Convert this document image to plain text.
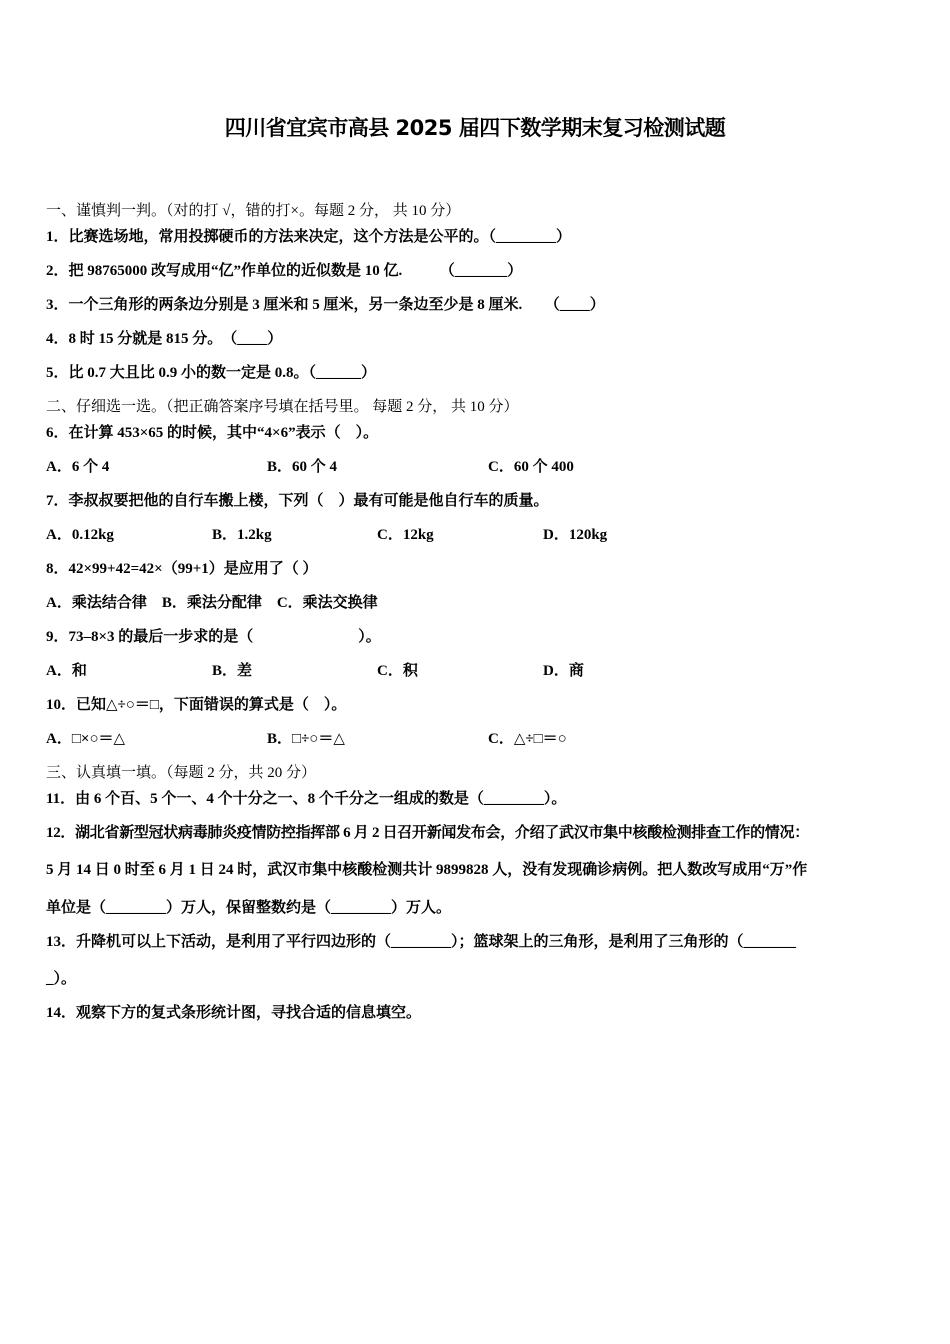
四川省宜宾市高县 2025 届四下数学期末复习检测试题
一、谨慎判一判。（对的打 √，错的打×。每题 2 分， 共 10 分）
1．比赛选场地，常用投掷硬币的方法来决定，这个方法是公平的。（________）
2．把 98765000 改写成用“亿”作单位的近似数是 10 亿.　　　（_______）
3．一个三角形的两条边分别是 3 厘米和 5 厘米，另一条边至少是 8 厘米.　　（____）
4．8 时 15 分就是 815 分。　（____）
5．比 0.7 大且比 0.9 小的数一定是 0.8。（______）
二、仔细选一选。（把正确答案序号填在括号里。 每题 2 分， 共 10 分）
6．在计算 453×65 的时候，其中“4×6”表示（　）。
A．6 个 4	B．60 个 4	C．60 个 400
7．李叔叔要把他的自行车搬上楼，下列（　）最有可能是他自行车的质量。
A．0.12kg	B．1.2kg	C．12kg	D．120kg
8．42×99+42=42×（99+1）是应用了（ ）
A．乘法结合律　B．乘法分配律　C．乘法交换律
9．73–8×3 的最后一步求的是（　　　　　　　）。
A．和	B．差	C．积	D．商
10．已知△÷○＝□，下面错误的算式是（　）。
A．□×○＝△	B．□÷○＝△	C．△÷□＝○
三、认真填一填。（每题 2 分，共 20 分）
11．由 6 个百、5 个一、4 个十分之一、8 个千分之一组成的数是（________）。
12．湖北省新型冠状病毒肺炎疫情防控指挥部 6 月 2 日召开新闻发布会，介绍了武汉市集中核酸检测排查工作的情况：
5 月 14 日 0 时至 6 月 1 日 24 时，武汉市集中核酸检测共计 9899828 人，没有发现确诊病例。把人数改写成用“万”作
单位是（________）万人，保留整数约是（________）万人。
13．升降机可以上下活动，是利用了平行四边形的（________）；篮球架上的三角形，是利用了三角形的（_______
_）。
14．观察下方的复式条形统计图，寻找合适的信息填空。
